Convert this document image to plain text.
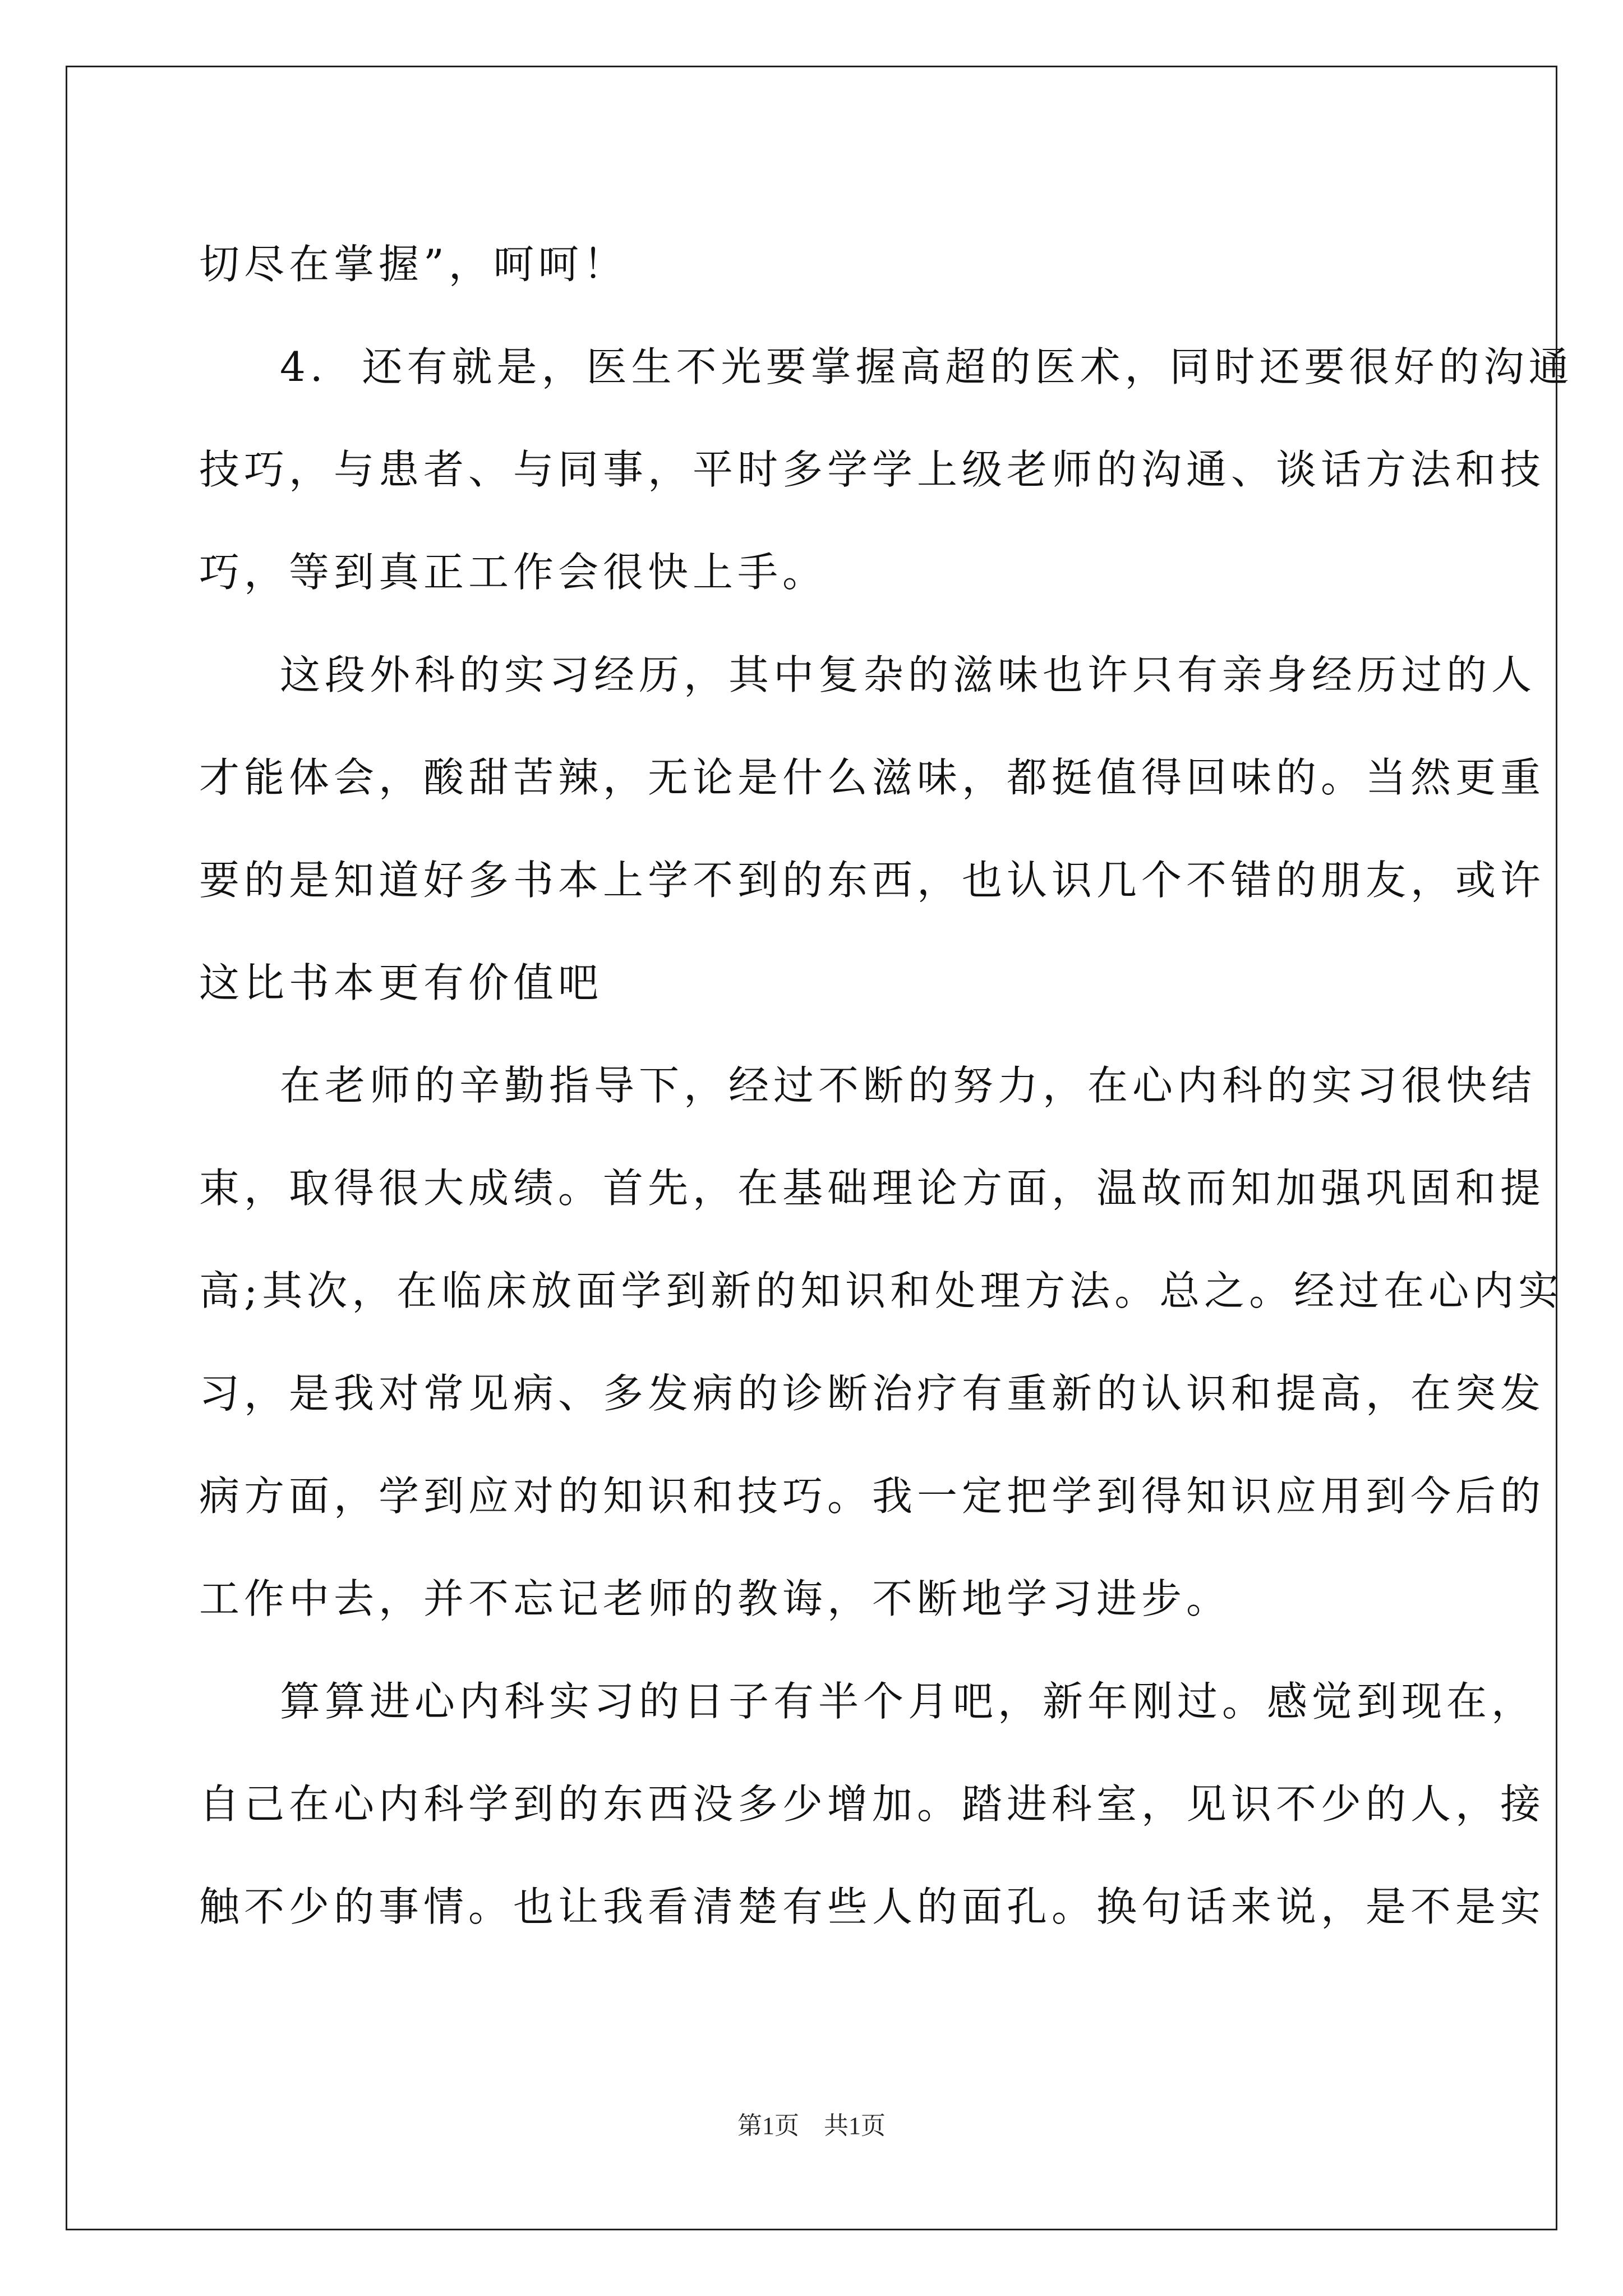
切尽在掌握”，呵呵！
4.  还有就是，医生不光要掌握高超的医术，同时还要很好的沟通
技巧，与患者、与同事，平时多学学上级老师的沟通、谈话方法和技
巧，等到真正工作会很快上手。
这段外科的实习经历，其中复杂的滋味也许只有亲身经历过的人
才能体会，酸甜苦辣，无论是什么滋味，都挺值得回味的。当然更重
要的是知道好多书本上学不到的东西，也认识几个不错的朋友，或许
这比书本更有价值吧
在老师的辛勤指导下，经过不断的努力，在心内科的实习很快结
束，取得很大成绩。首先，在基础理论方面，温故而知加强巩固和提
高;其次，在临床放面学到新的知识和处理方法。总之。经过在心内实
习，是我对常见病、多发病的诊断治疗有重新的认识和提高，在突发
病方面，学到应对的知识和技巧。我一定把学到得知识应用到今后的
工作中去，并不忘记老师的教诲，不断地学习进步。
算算进心内科实习的日子有半个月吧，新年刚过。感觉到现在，
自己在心内科学到的东西没多少增加。踏进科室，见识不少的人，接
触不少的事情。也让我看清楚有些人的面孔。换句话来说，是不是实
第1页　共1页
